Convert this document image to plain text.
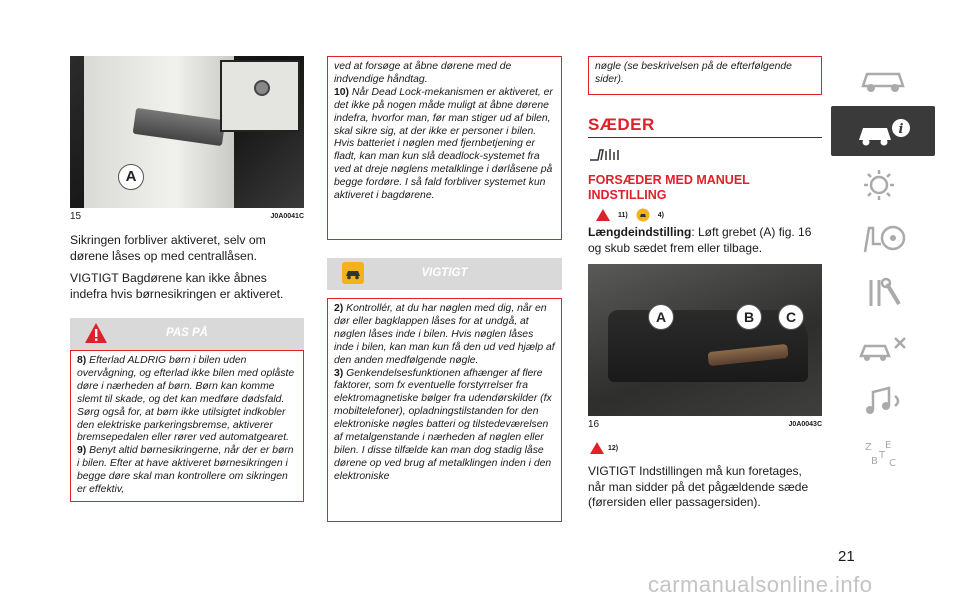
A
15	J0A0041C

Sikringen forbliver aktiveret, selv om dørene låses op med centrallåsen.

VIGTIGT Bagdørene kan ikke åbnes indefra hvis børnesikringen er aktiveret.

PAS PÅ

8) Efterlad ALDRIG børn i bilen uden overvågning, og efterlad ikke bilen med oplåste døre i nærheden af børn. Børn kan komme slemt til skade, og det kan medføre dødsfald. Sørg også for, at børn ikke utilsigtet indkobler den elektriske parkeringsbremse, aktiverer bremsepedalen eller rører ved automatgearet.

9) Benyt altid børnesikringerne, når der er børn i bilen. Efter at have aktiveret børnesikringen i begge døre skal man kontrollere om sikringen er effektiv,

ved at forsøge at åbne dørene med de indvendige håndtag.

10) Når Dead Lock-mekanismen er aktiveret, er det ikke på nogen måde muligt at åbne dørene indefra, hvorfor man, før man stiger ud af bilen, skal sikre sig, at der ikke er personer i bilen. Hvis batteriet i nøglen med fjernbetjening er fladt, kan man kun slå deadlock-systemet fra ved at dreje nøglens metalklinge i dørlåsene på begge fordøre. I så fald forbliver systemet kun aktiveret i bagdørene.

VIGTIGT

2) Kontrollér, at du har nøglen med dig, når en dør eller bagklappen låses for at undgå, at nøglen låses inde i bilen. Hvis nøglen låses inde i bilen, kan man kun få den ud ved hjælp af den anden medfølgende nøgle.

3) Genkendelsesfunktionen afhænger af flere faktorer, som fx eventuelle forstyrrelser fra elektromagnetiske bølger fra udendørskilder (fx mobiltelefoner), opladningstilstanden for den elektroniske nøgles batteri og tilstedeværelsen af metalgenstande i nærheden af nøglen eller bilen. I disse tilfælde kan man dog stadig låse dørene op ved brug af metalklingen inden i den elektroniske

nøgle (se beskrivelsen på de efterfølgende sider).
SÆDER
FORSÆDER MED MANUEL INDSTILLING
11)	4)

Længdeindstilling: Løft grebet (A) fig. 16 og skub sædet frem eller tilbage.

A	B	C
16	J0A0043C
12)

VIGTIGT Indstillingen må kun foretages, når man sidder på det pågældende sæde (førersiden eller passagersiden).

i
Z E
B C
T
21
carmanualsonline.info
